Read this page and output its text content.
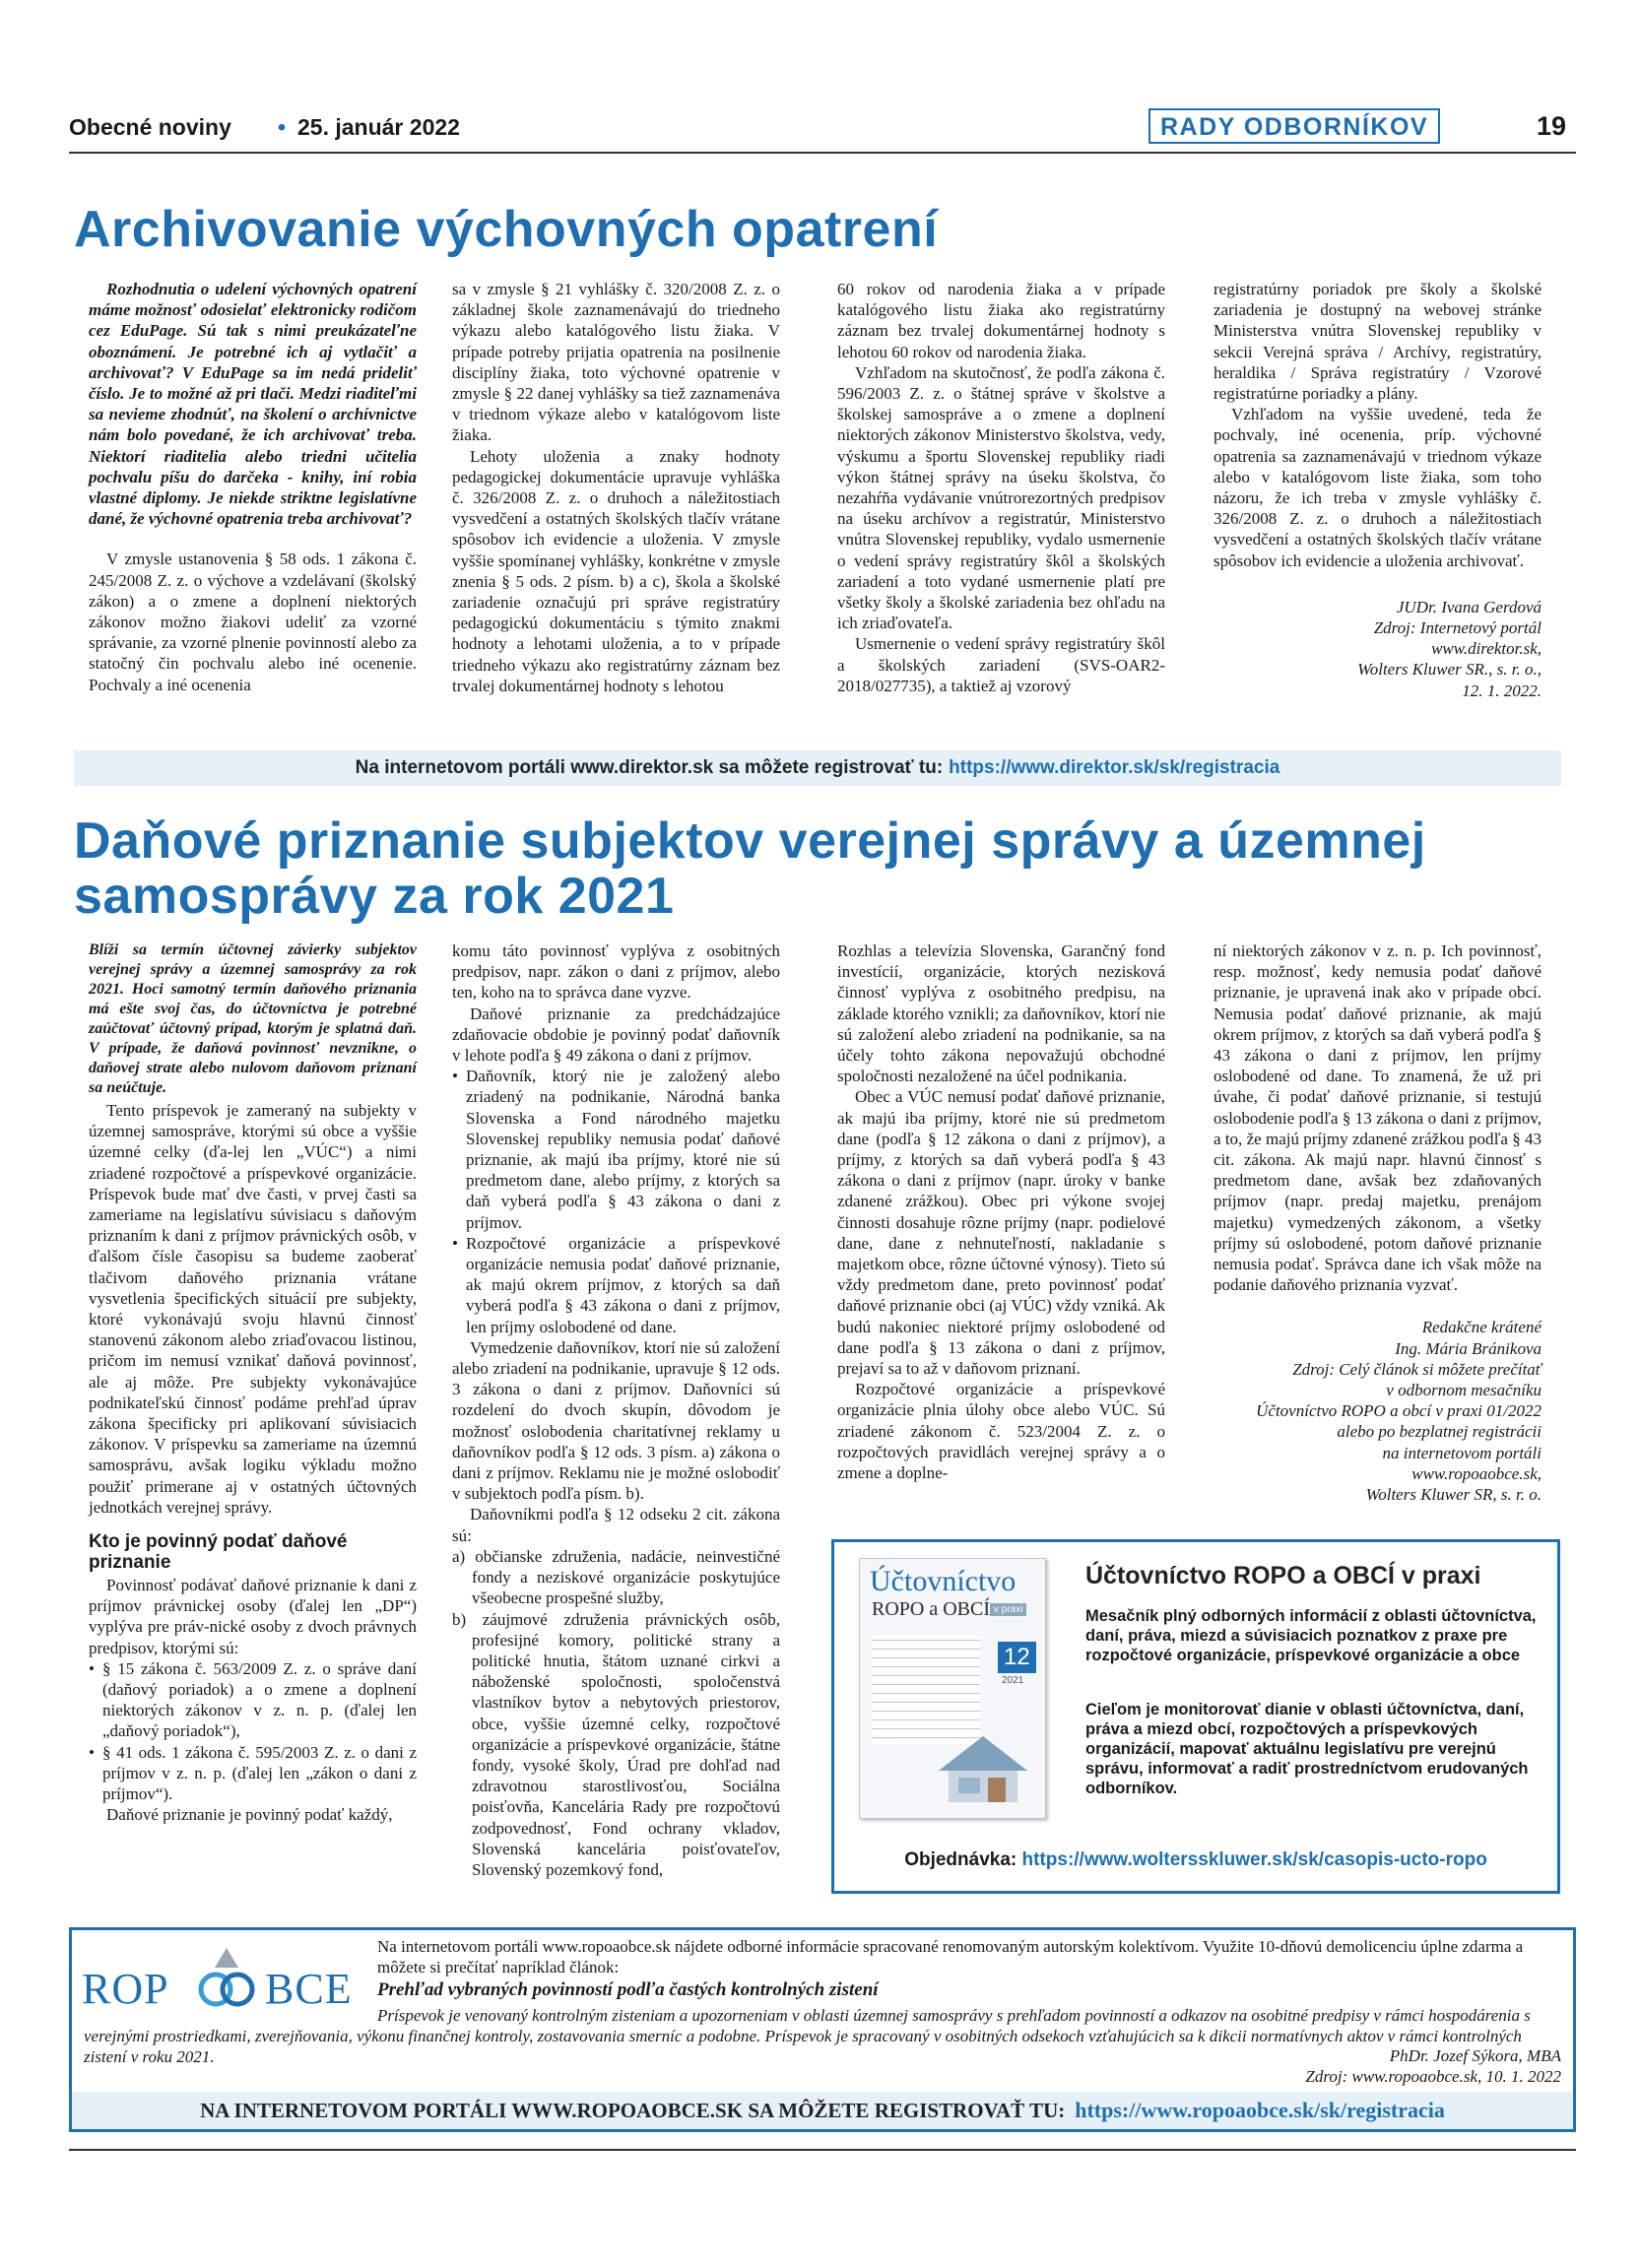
Obecné noviny • 25. január 2022	RADY ODBORNÍKOV	19
Archivovanie výchovných opatrení

Rozhodnutia o udelení výchovných opatrení máme možnosť odosielať elektronicky rodičom cez EduPage. Sú tak s nimi preukázateľne oboznámení. Je potrebné ich aj vytlačiť a archivovať? V EduPage sa im nedá prideliť číslo. Je to možné až pri tlači. Medzi riaditeľmi sa nevieme zhodnúť, na školení o archívnictve nám bolo povedané, že ich archivovať treba. Niektorí riaditelia alebo triedni učitelia pochvalu píšu do darčeka - knihy, iní robia vlastné diplomy. Je niekde striktne legislatívne dané, že výchovné opatrenia treba archivovať?

V zmysle ustanovenia § 58 ods. 1 zákona č. 245/2008 Z. z. o výchove a vzdelávaní (školský zákon) a o zmene a doplnení niektorých zákonov možno žiakovi udeliť za vzorné správanie, za vzorné plnenie povinností alebo za statočný čin pochvalu alebo iné ocenenie. Pochvaly a iné ocenenia

sa v zmysle § 21 vyhlášky č. 320/2008 Z. z. o základnej škole zaznamenávajú do triedneho výkazu alebo katalógového listu žiaka. V prípade potreby prijatia opatrenia na posilnenie disciplíny žiaka, toto výchovné opatrenie v zmysle § 22 danej vyhlášky sa tiež zaznamenáva v triednom výkaze alebo v katalógovom liste žiaka.

Lehoty uloženia a znaky hodnoty pedagogickej dokumentácie upravuje vyhláška č. 326/2008 Z. z. o druhoch a náležitostiach vysvedčení a ostatných školských tlačív vrátane spôsobov ich evidencie a uloženia. V zmysle vyššie spomínanej vyhlášky, konkrétne v zmysle znenia § 5 ods. 2 písm. b) a c), škola a školské zariadenie označujú pri správe registratúry pedagogickú dokumentáciu s týmito znakmi hodnoty a lehotami uloženia, a to v prípade triedneho výkazu ako registratúrny záznam bez trvalej dokumentárnej hodnoty s lehotou

60 rokov od narodenia žiaka a v prípade katalógového listu žiaka ako registratúrny záznam bez trvalej dokumentárnej hodnoty s lehotou 60 rokov od narodenia žiaka.

Vzhľadom na skutočnosť, že podľa zákona č. 596/2003 Z. z. o štátnej správe v školstve a školskej samospráve a o zmene a doplnení niektorých zákonov Ministerstvo školstva, vedy, výskumu a športu Slovenskej republiky riadi výkon štátnej správy na úseku školstva, čo nezahŕňa vydávanie vnútrorezortných predpisov na úseku archívov a registratúr, Ministerstvo vnútra Slovenskej republiky, vydalo usmernenie o vedení správy registratúry škôl a školských zariadení a toto vydané usmernenie platí pre všetky školy a školské zariadenia bez ohľadu na ich zriaďovateľa.

Usmernenie o vedení správy registratúry škôl a školských zariadení (SVS-OAR2-2018/027735), a taktiež aj vzorový

registratúrny poriadok pre školy a školské zariadenia je dostupný na webovej stránke Ministerstva vnútra Slovenskej republiky v sekcii Verejná správa / Archívy, registratúry, heraldika / Správa registratúry / Vzorové registratúrne poriadky a plány.

Vzhľadom na vyššie uvedené, teda že pochvaly, iné ocenenia, príp. výchovné opatrenia sa zaznamenávajú v triednom výkaze alebo v katalógovom liste žiaka, som toho názoru, že ich treba v zmysle vyhlášky č. 326/2008 Z. z. o druhoch a náležitostiach vysvedčení a ostatných školských tlačív vrátane spôsobov ich evidencie a uloženia archivovať.

JUDr. Ivana Gerdová
Zdroj: Internetový portál
www.direktor.sk,
Wolters Kluwer SR., s. r. o.,
12. 1. 2022.
Na internetovom portáli www.direktor.sk sa môžete registrovať tu: https://www.direktor.sk/sk/registracia
Daňové priznanie subjektov verejnej správy a územnej
samosprávy za rok 2021

Blíži sa termín účtovnej závierky subjektov verejnej správy a územnej samosprávy za rok 2021. Hoci samotný termín daňového priznania má ešte svoj čas, do účtovníctva je potrebné zaúčtovať účtovný prípad, ktorým je splatná daň. V prípade, že daňová povinnosť nevznikne, o daňovej strate alebo nulovom daňovom priznaní sa neúčtuje.

Tento príspevok je zameraný na subjekty v územnej samospráve, ktorými sú obce a vyššie územné celky (ďa-lej len „VÚC“) a nimi zriadené rozpočtové a príspevkové organizácie. Príspevok bude mať dve časti, v prvej časti sa zameriame na legislatívu súvisiacu s daňovým priznaním k dani z príjmov právnických osôb, v ďalšom čísle časopisu sa budeme zaoberať tlačivom daňového priznania vrátane vysvetlenia špecifických situácií pre subjekty, ktoré vykonávajú svoju hlavnú činnosť stanovenú zákonom alebo zriaďovacou listinou, pričom im nemusí vznikať daňová povinnosť, ale aj môže. Pre subjekty vykonávajúce podnikateľskú činnosť podáme prehľad úprav zákona špecificky pri aplikovaní súvisiacich zákonov. V príspevku sa zameriame na územnú samosprávu, avšak logiku výkladu možno použiť primerane aj v ostatných účtovných jednotkách verejnej správy.

Kto je povinný podať daňové priznanie

Povinnosť podávať daňové priznanie k dani z príjmov právnickej osoby (ďalej len „DP“) vyplýva pre práv-nické osoby z dvoch právnych predpisov, ktorými sú:

• § 15 zákona č. 563/2009 Z. z. o správe daní (daňový poriadok) a o zmene a doplnení niektorých zákonov v z. n. p. (ďalej len „daňový poriadok“),
• § 41 ods. 1 zákona č. 595/2003 Z. z. o dani z príjmov v z. n. p. (ďalej len „zákon o dani z príjmov“).

Daňové priznanie je povinný podať každý,

komu táto povinnosť vyplýva z osobitných predpisov, napr. zákon o dani z príjmov, alebo ten, koho na to správca dane vyzve.

Daňové priznanie za predchádzajúce zdaňovacie obdobie je povinný podať daňovník v lehote podľa § 49 zákona o dani z príjmov.

• Daňovník, ktorý nie je založený alebo zriadený na podnikanie, Národná banka Slovenska a Fond národného majetku Slovenskej republiky nemusia podať daňové priznanie, ak majú iba príjmy, ktoré nie sú predmetom dane, alebo príjmy, z ktorých sa daň vyberá podľa § 43 zákona o dani z príjmov.
• Rozpočtové organizácie a príspevkové organizácie nemusia podať daňové priznanie, ak majú okrem príjmov, z ktorých sa daň vyberá podľa § 43 zákona o dani z príjmov, len príjmy oslobodené od dane.

Vymedzenie daňovníkov, ktorí nie sú založení alebo zriadení na podnikanie, upravuje § 12 ods. 3 zákona o dani z príjmov. Daňovníci sú rozdelení do dvoch skupín, dôvodom je možnosť oslobodenia charitatívnej reklamy u daňovníkov podľa § 12 ods. 3 písm. a) zákona o dani z príjmov. Reklamu nie je možné oslobodiť v subjektoch podľa písm. b).

Daňovníkmi podľa § 12 odseku 2 cit. zákona sú:

a) občianske združenia, nadácie, neinvestičné fondy a neziskové organizácie poskytujúce všeobecne prospešné služby,

b) záujmové združenia právnických osôb, profesijné komory, politické strany a politické hnutia, štátom uznané cirkvi a náboženské spoločnosti, spoločenstvá vlastníkov bytov a nebytových priestorov, obce, vyššie územné celky, rozpočtové organizácie a príspevkové organizácie, štátne fondy, vysoké školy, Úrad pre dohľad nad zdravotnou starostlivosťou, Sociálna poisťovňa, Kancelária Rady pre rozpočtovú zodpovednosť, Fond ochrany vkladov, Slovenská kancelária poisťovateľov, Slovenský pozemkový fond,

Rozhlas a televízia Slovenska, Garančný fond investícií, organizácie, ktorých nezisková činnosť vyplýva z osobitného predpisu, na základe ktorého vznikli; za daňovníkov, ktorí nie sú založení alebo zriadení na podnikanie, sa na účely tohto zákona nepovažujú obchodné spoločnosti nezaložené na účel podnikania.

Obec a VÚC nemusí podať daňové priznanie, ak majú iba príjmy, ktoré nie sú predmetom dane (podľa § 12 zákona o dani z príjmov), a príjmy, z ktorých sa daň vyberá podľa § 43 zákona o dani z príjmov (napr. úroky v banke zdanené zrážkou). Obec pri výkone svojej činnosti dosahuje rôzne príjmy (napr. podielové dane, dane z nehnuteľností, nakladanie s majetkom obce, rôzne účtovné výnosy). Tieto sú vždy predmetom dane, preto povinnosť podať daňové priznanie obci (aj VÚC) vždy vzniká. Ak budú nakoniec niektoré príjmy oslobodené od dane podľa § 13 zákona o dani z príjmov, prejaví sa to až v daňovom priznaní.

Rozpočtové organizácie a príspevkové organizácie plnia úlohy obce alebo VÚC. Sú zriadené zákonom č. 523/2004 Z. z. o rozpočtových pravidlách verejnej správy a o zmene a doplne-

ní niektorých zákonov v z. n. p. Ich povinnosť, resp. možnosť, kedy nemusia podať daňové priznanie, je upravená inak ako v prípade obcí. Nemusia podať daňové priznanie, ak majú okrem príjmov, z ktorých sa daň vyberá podľa § 43 zákona o dani z príjmov, len príjmy oslobodené od dane. To znamená, že už pri úvahe, či podať daňové priznanie, si testujú oslobodenie podľa § 13 zákona o dani z príjmov, a to, že majú príjmy zdanené zrážkou podľa § 43 cit. zákona. Ak majú napr. hlavnú činnosť s predmetom dane, avšak bez zdaňovaných príjmov (napr. predaj majetku, prenájom majetku) vymedzených zákonom, a všetky príjmy sú oslobodené, potom daňové priznanie nemusia podať. Správca dane ich však môže na podanie daňového priznania vyzvať.

Redakčne krátené
Ing. Mária Bránikova
Zdroj: Celý článok si môžete prečítať
v odbornom mesačníku
Účtovníctvo ROPO a obcí v praxi 01/2022
alebo po bezplatnej registrácii
na internetovom portáli
www.ropoaobce.sk,
Wolters Kluwer SR, s. r. o.
Účtovníctvo
ROPO a OBCÍ v praxi
12
2021
Účtovníctvo ROPO a OBCÍ v praxi
Mesačník plný odborných informácií z oblasti účtovníctva, daní, práva, miezd a súvisiacich poznatkov z praxe pre rozpočtové organizácie, príspevkové organizácie a obce
Cieľom je monitorovať dianie v oblasti účtovníctva, daní, práva a miezd obcí, rozpočtových a príspevkových organizácií, mapovať aktuálnu legislatívu pre verejnú správu, informovať a radiť prostredníctvom erudovaných odborníkov.
Objednávka: https://www.woltersskluwer.sk/sk/casopis-ucto-ropo
ROP BCE
Na internetovom portáli www.ropoaobce.sk nájdete odborné informácie spracované renomovaným autorským kolektívom. Využite 10-dňovú demolicenciu úplne zdarma a môžete si prečítať napríklad článok:
Prehľad vybraných povinností podľa častých kontrolných zistení
Príspevok je venovaný kontrolným zisteniam a upozorneniam v oblasti územnej samosprávy s prehľadom povinností a odkazov na osobitné predpisy v rámci hospodárenia s verejnými prostriedkami, zverejňovania, výkonu finančnej kontroly, zostavovania smerníc a podobne. Príspevok je spracovaný v osobitných odsekoch vzťahujúcich sa k dikcii normatívnych aktov v rámci kontrolných zistení v roku 2021.	PhDr. Jozef Sýkora, MBA
Zdroj: www.ropoaobce.sk, 10. 1. 2022
NA INTERNETOVOM PORTÁLI WWW.ROPOAOBCE.SK SA MÔŽETE REGISTROVAŤ TU: https://www.ropoaobce.sk/sk/registracia
